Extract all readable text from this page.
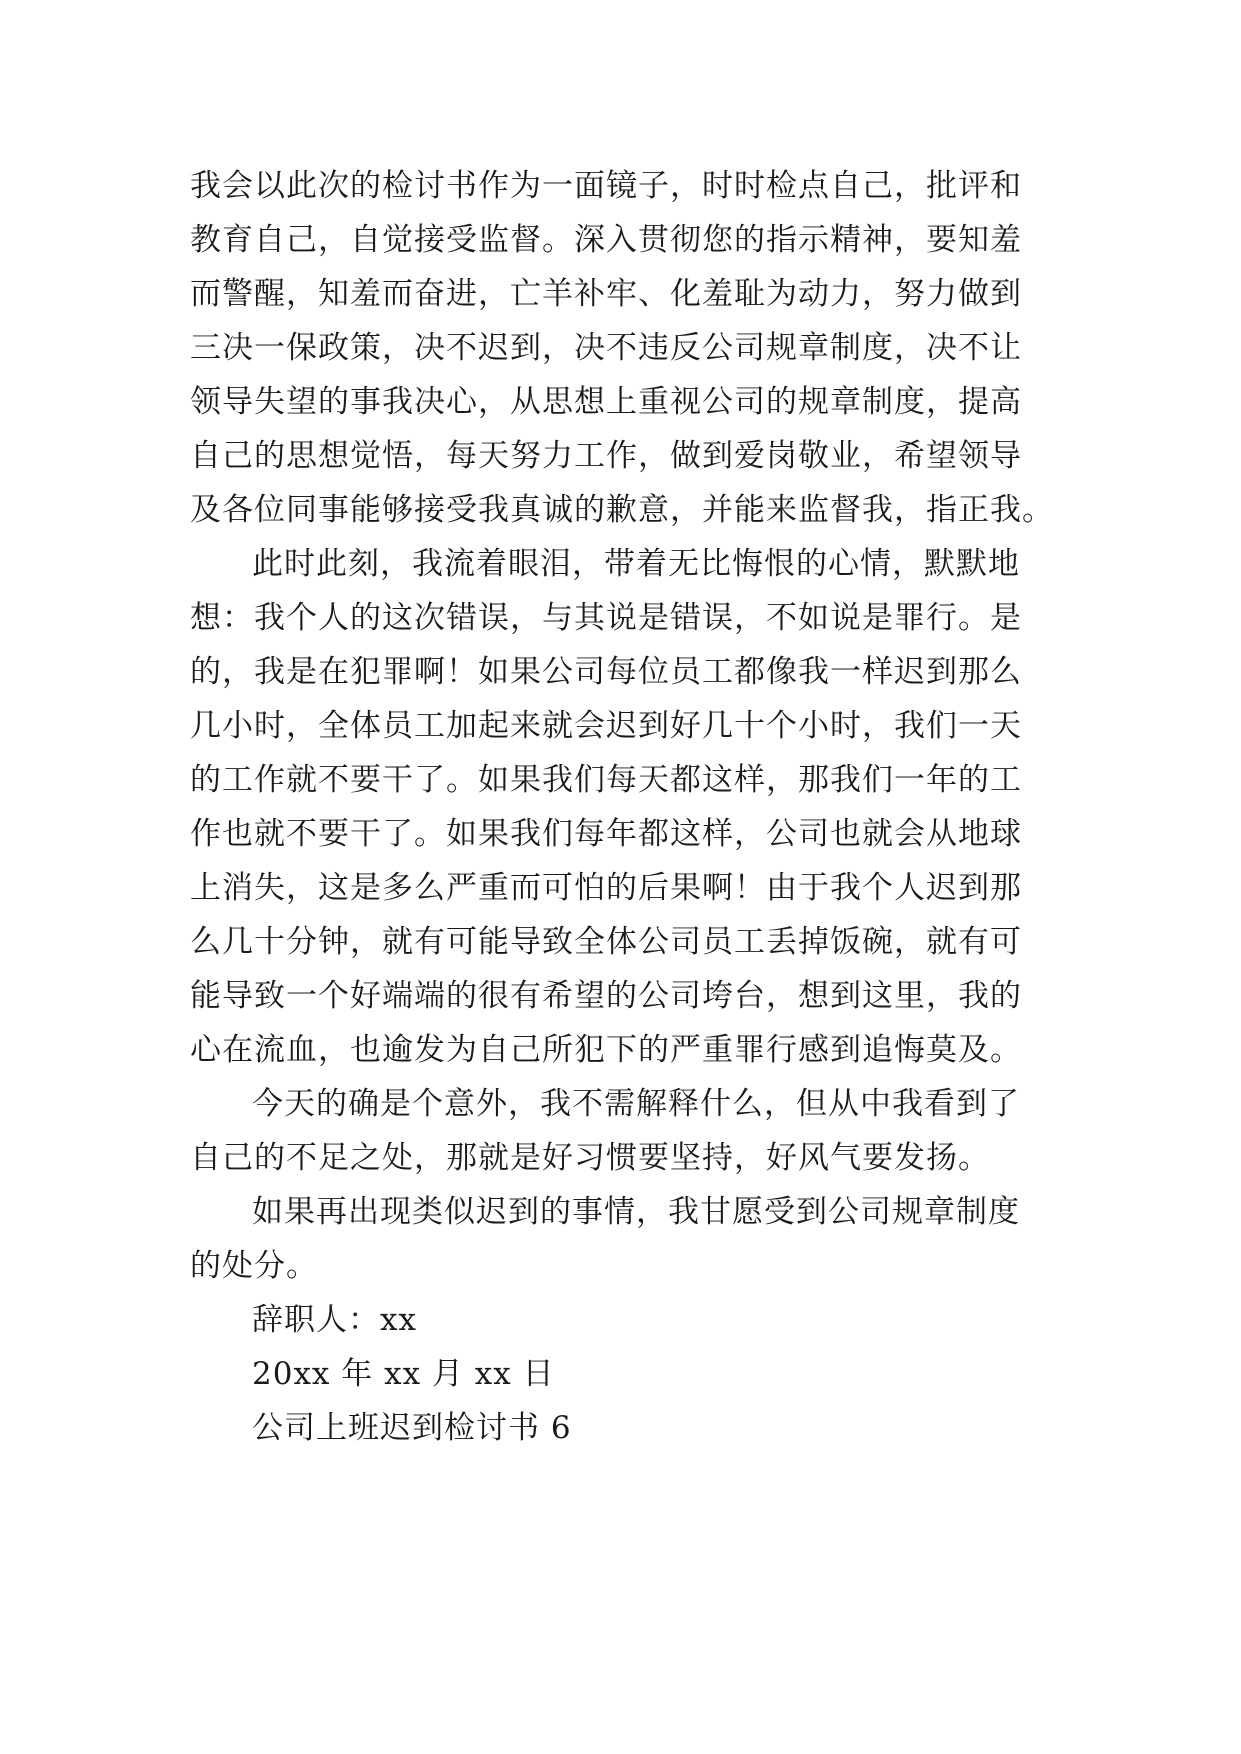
我会以此次的检讨书作为一面镜子，时时检点自己，批评和
教育自己，自觉接受监督。深入贯彻您的指示精神，要知羞
而警醒，知羞而奋进，亡羊补牢、化羞耻为动力，努力做到
三决一保政策，决不迟到，决不违反公司规章制度，决不让
领导失望的事我决心，从思想上重视公司的规章制度，提高
自己的思想觉悟，每天努力工作，做到爱岗敬业，希望领导
及各位同事能够接受我真诚的歉意，并能来监督我，指正我。
此时此刻，我流着眼泪，带着无比悔恨的心情，默默地
想：我个人的这次错误，与其说是错误，不如说是罪行。是
的，我是在犯罪啊！如果公司每位员工都像我一样迟到那么
几小时，全体员工加起来就会迟到好几十个小时，我们一天
的工作就不要干了。如果我们每天都这样，那我们一年的工
作也就不要干了。如果我们每年都这样，公司也就会从地球
上消失，这是多么严重而可怕的后果啊！由于我个人迟到那
么几十分钟，就有可能导致全体公司员工丢掉饭碗，就有可
能导致一个好端端的很有希望的公司垮台，想到这里，我的
心在流血，也逾发为自己所犯下的严重罪行感到追悔莫及。
今天的确是个意外，我不需解释什么，但从中我看到了
自己的不足之处，那就是好习惯要坚持，好风气要发扬。
如果再出现类似迟到的事情，我甘愿受到公司规章制度
的处分。
辞职人：xx
20xx 年 xx 月 xx 日
公司上班迟到检讨书 6
